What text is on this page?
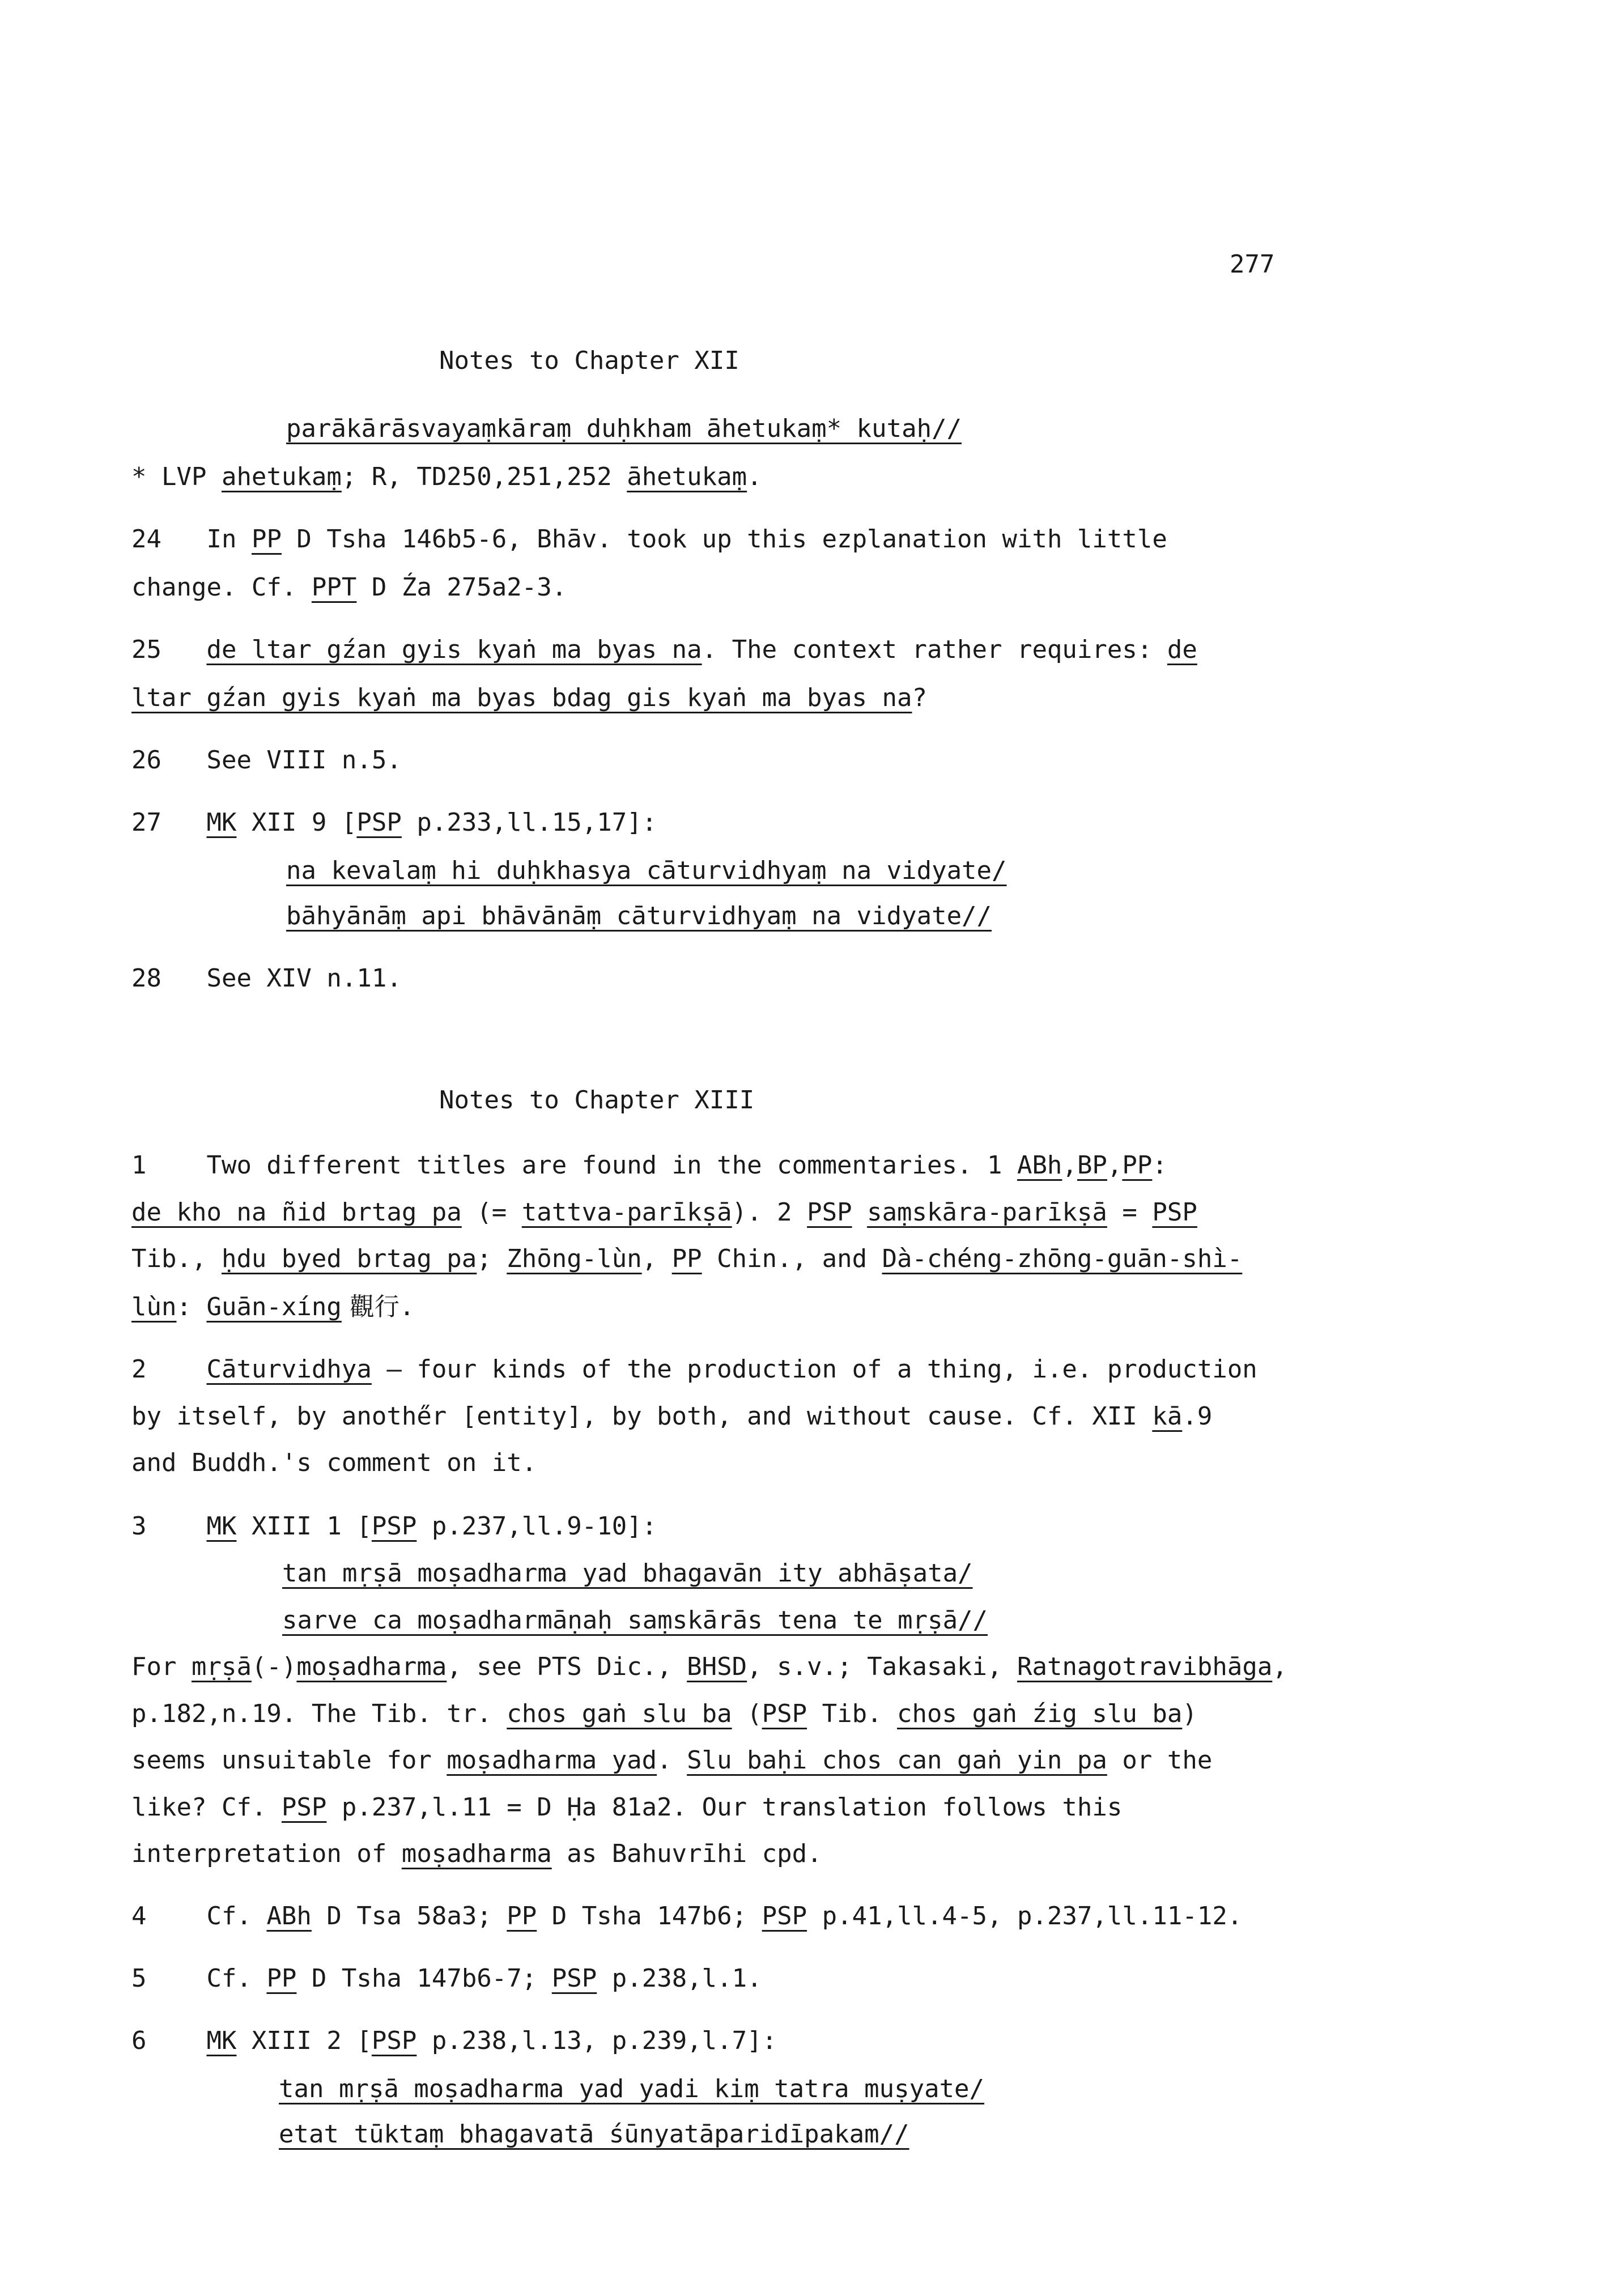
277
Notes to Chapter XII
parākārāsvayaṃkāraṃ duḥkham āhetukaṃ* kutaḥ//
* LVP ahetukaṃ; R, TD250,251,252 āhetukaṃ.
24 In PP D Tsha 146b5-6, Bhāv. took up this ezplanation with little
change. Cf. PPT D Źa 275a2-3.
25 de ltar gźan gyis kyaṅ ma byas na. The context rather requires: de
ltar gźan gyis kyaṅ ma byas bdag gis kyaṅ ma byas na?
26 See VIII n.5.
27 MK XII 9 [PSP p.233,ll.15,17]:
na kevalaṃ hi duḥkhasya cāturvidhyaṃ na vidyate/
bāhyānāṃ api bhāvānāṃ cāturvidhyaṃ na vidyate//
28 See XIV n.11.
Notes to Chapter XIII
1 Two different titles are found in the commentaries. 1 ABh,BP,PP:
de kho na ñid brtag pa (= tattva-parīkṣā). 2 PSP saṃskāra-parīkṣā = PSP
Tib., ḥdu byed brtag pa; Zhōng-lùn, PP Chin., and Dà-chéng-zhōng-guān-shì-
lùn: Guān-xíng 觀行.
2 Cāturvidhya — four kinds of the production of a thing, i.e. production
by itself, by anothe̋r [entity], by both, and without cause. Cf. XII kā.9
and Buddh.'s comment on it.
3 MK XIII 1 [PSP p.237,ll.9-10]:
tan mṛṣā moṣadharma yad bhagavān ity abhāṣata/
sarve ca moṣadharmāṇaḥ saṃskārās tena te mṛṣā//
For mṛṣā(-)moṣadharma, see PTS Dic., BHSD, s.v.; Takasaki, Ratnagotravibhāga,
p.182,n.19. The Tib. tr. chos gaṅ slu ba (PSP Tib. chos gaṅ źig slu ba)
seems unsuitable for moṣadharma yad. Slu baḥi chos can gaṅ yin pa or the
like? Cf. PSP p.237,l.11 = D Ḥa 81a2. Our translation follows this
interpretation of moṣadharma as Bahuvrīhi cpd.
4 Cf. ABh D Tsa 58a3; PP D Tsha 147b6; PSP p.41,ll.4-5, p.237,ll.11-12.
5 Cf. PP D Tsha 147b6-7; PSP p.238,l.1.
6 MK XIII 2 [PSP p.238,l.13, p.239,l.7]:
tan mṛṣā moṣadharma yad yadi kiṃ tatra muṣyate/
etat tūktaṃ bhagavatā śūnyatāparidīpakam//
